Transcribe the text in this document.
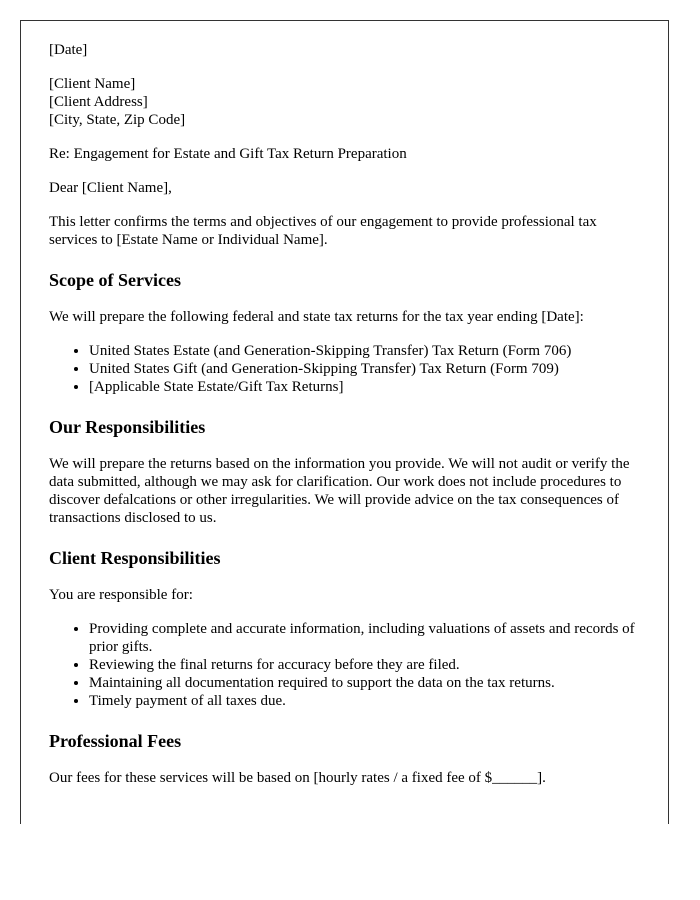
[Date]

[Client Name]
[Client Address]
[City, State, Zip Code]

Re: Engagement for Estate and Gift Tax Return Preparation

Dear [Client Name],

This letter confirms the terms and objectives of our engagement to provide professional tax services to [Estate Name or Individual Name].

Scope of Services

We will prepare the following federal and state tax returns for the tax year ending [Date]:

• United States Estate (and Generation-Skipping Transfer) Tax Return (Form 706)
• United States Gift (and Generation-Skipping Transfer) Tax Return (Form 709)
• [Applicable State Estate/Gift Tax Returns]
Our Responsibilities

We will prepare the returns based on the information you provide. We will not audit or verify the data submitted, although we may ask for clarification. Our work does not include procedures to discover defalcations or other irregularities. We will provide advice on the tax consequences of transactions disclosed to us.

Client Responsibilities

You are responsible for:

• Providing complete and accurate information, including valuations of assets and records of prior gifts.
• Reviewing the final returns for accuracy before they are filed.
• Maintaining all documentation required to support the data on the tax returns.
• Timely payment of all taxes due.
Professional Fees

Our fees for these services will be based on [hourly rates / a fixed fee of $______].
